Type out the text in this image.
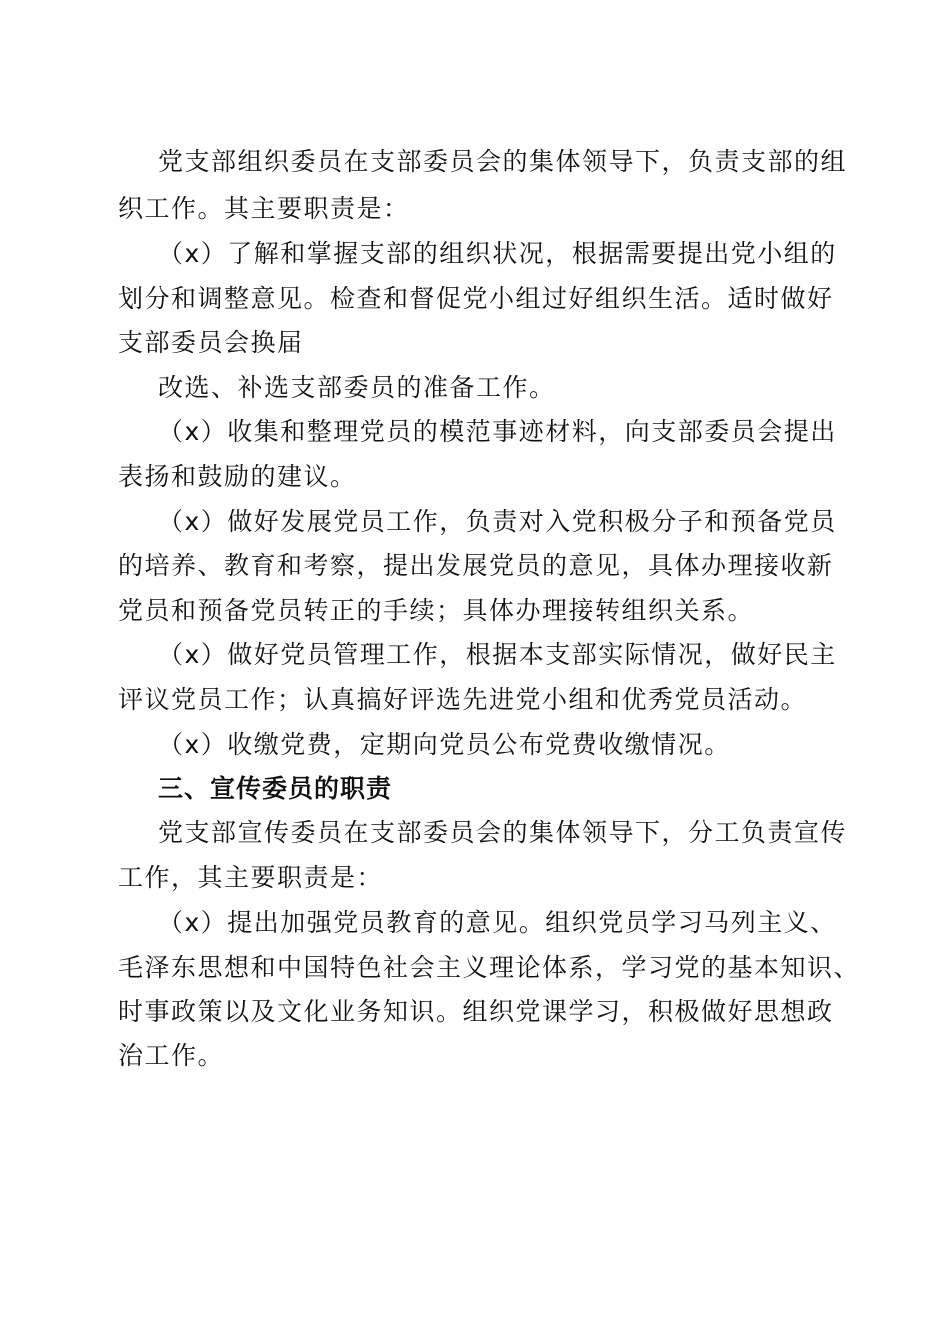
党支部组织委员在支部委员会的集体领导下，负责支部的组
织工作。其主要职责是：
（x）了解和掌握支部的组织状况，根据需要提出党小组的
划分和调整意见。检查和督促党小组过好组织生活。适时做好
支部委员会换届
改选、补选支部委员的准备工作。
（x）收集和整理党员的模范事迹材料，向支部委员会提出
表扬和鼓励的建议。
（x）做好发展党员工作，负责对入党积极分子和预备党员
的培养、教育和考察，提出发展党员的意见，具体办理接收新
党员和预备党员转正的手续；具体办理接转组织关系。
（x）做好党员管理工作，根据本支部实际情况，做好民主
评议党员工作；认真搞好评选先进党小组和优秀党员活动。
（x）收缴党费，定期向党员公布党费收缴情况。
三、宣传委员的职责
党支部宣传委员在支部委员会的集体领导下，分工负责宣传
工作，其主要职责是：
（x）提出加强党员教育的意见。组织党员学习马列主义、
毛泽东思想和中国特色社会主义理论体系，学习党的基本知识、
时事政策以及文化业务知识。组织党课学习，积极做好思想政
治工作。
